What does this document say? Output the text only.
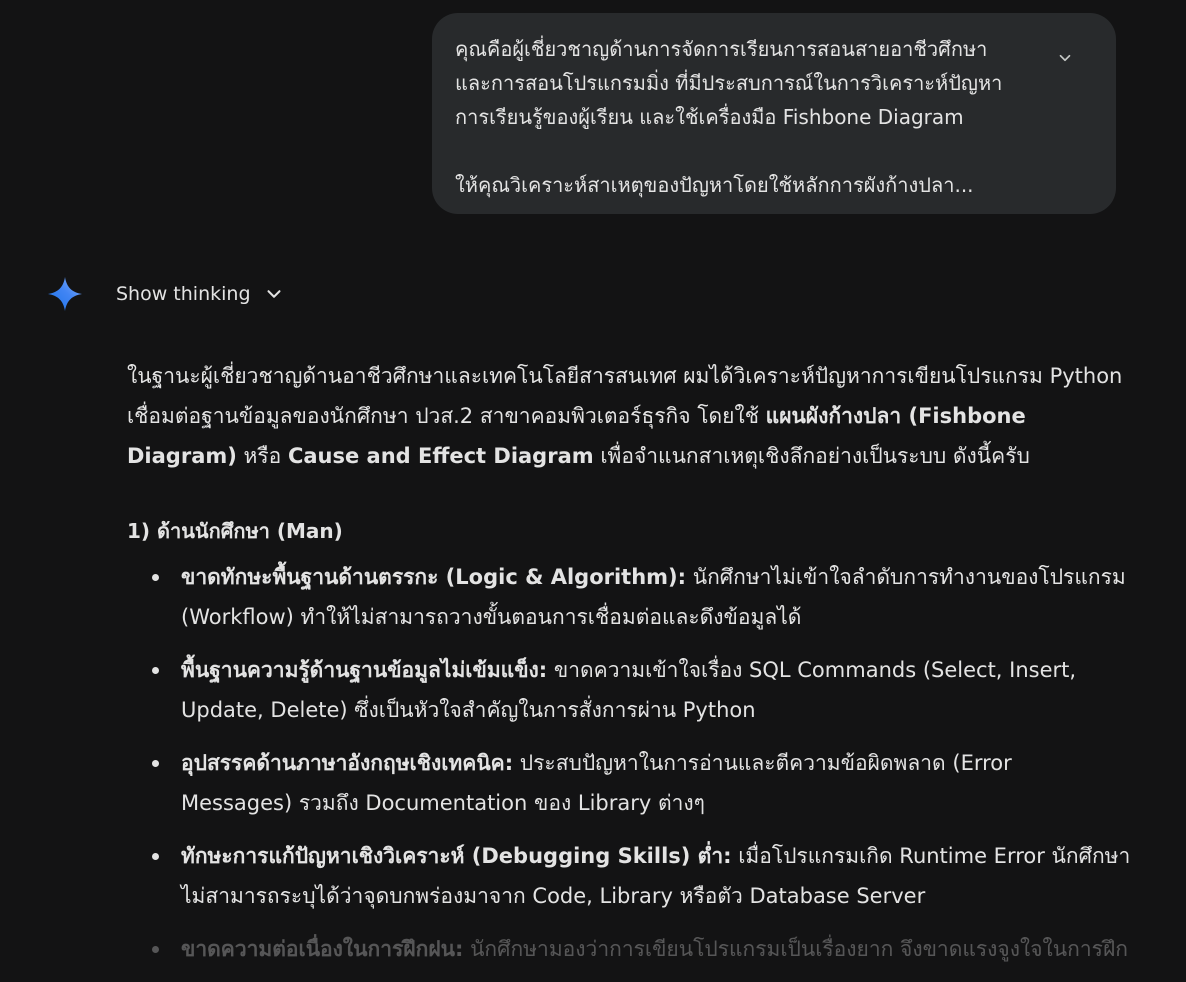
คุณคือผู้เชี่ยวชาญด้านการจัดการเรียนการสอนสายอาชีวศึกษา
และการสอนโปรแกรมมิ่ง ที่มีประสบการณ์ในการวิเคราะห์ปัญหา
การเรียนรู้ของผู้เรียน และใช้เครื่องมือ Fishbone Diagram
ให้คุณวิเคราะห์สาเหตุของปัญหาโดยใช้หลักการผังก้างปลา...
Show thinking
ในฐานะผู้เชี่ยวชาญด้านอาชีวศึกษาและเทคโนโลยีสารสนเทศ ผมได้วิเคราะห์ปัญหาการเขียนโปรแกรม Python
เชื่อมต่อฐานข้อมูลของนักศึกษา ปวส.2 สาขาคอมพิวเตอร์ธุรกิจ โดยใช้ แผนผังก้างปลา (Fishbone
Diagram) หรือ Cause and Effect Diagram เพื่อจำแนกสาเหตุเชิงลึกอย่างเป็นระบบ ดังนี้ครับ
1) ด้านนักศึกษา (Man)
ขาดทักษะพื้นฐานด้านตรรกะ (Logic & Algorithm): นักศึกษาไม่เข้าใจลำดับการทำงานของโปรแกรม
(Workflow) ทำให้ไม่สามารถวางขั้นตอนการเชื่อมต่อและดึงข้อมูลได้
พื้นฐานความรู้ด้านฐานข้อมูลไม่เข้มแข็ง: ขาดความเข้าใจเรื่อง SQL Commands (Select, Insert,
Update, Delete) ซึ่งเป็นหัวใจสำคัญในการสั่งการผ่าน Python
อุปสรรคด้านภาษาอังกฤษเชิงเทคนิค: ประสบปัญหาในการอ่านและตีความข้อผิดพลาด (Error
Messages) รวมถึง Documentation ของ Library ต่างๆ
ทักษะการแก้ปัญหาเชิงวิเคราะห์ (Debugging Skills) ต่ำ: เมื่อโปรแกรมเกิด Runtime Error นักศึกษา
ไม่สามารถระบุได้ว่าจุดบกพร่องมาจาก Code, Library หรือตัว Database Server
ขาดความต่อเนื่องในการฝึกฝน: นักศึกษามองว่าการเขียนโปรแกรมเป็นเรื่องยาก จึงขาดแรงจูงใจในการฝึก
